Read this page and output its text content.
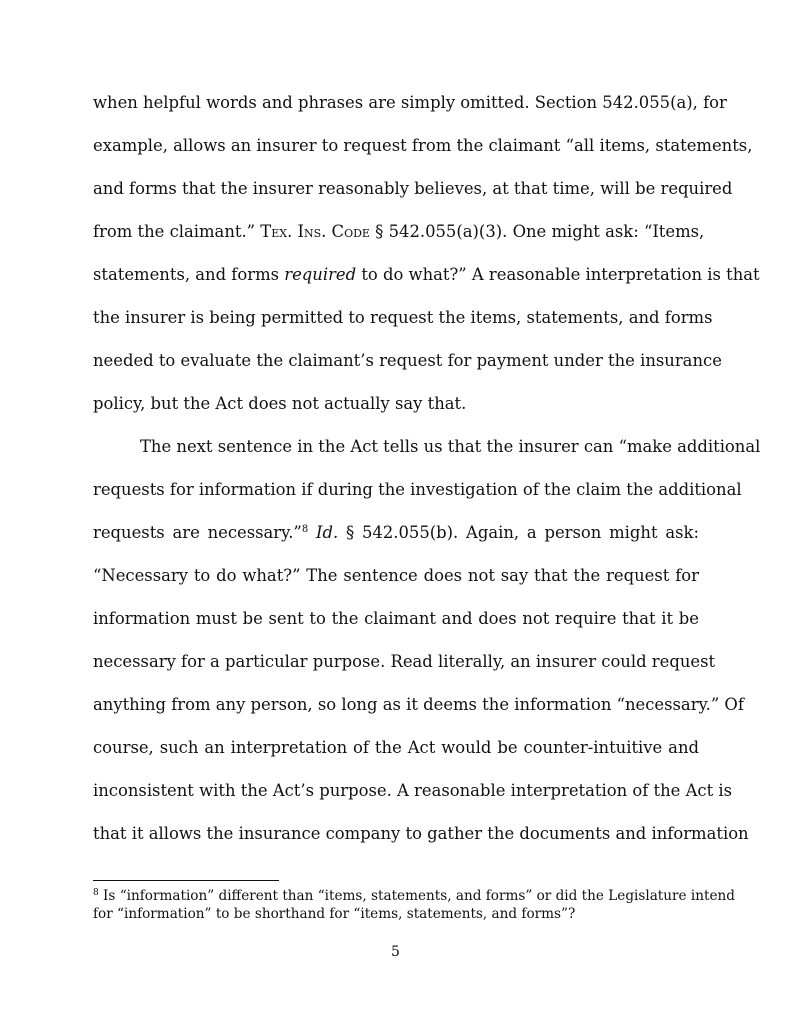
when helpful words and phrases are simply omitted. Section 542.055(a), for
example, allows an insurer to request from the claimant “all items, statements,
and forms that the insurer reasonably believes, at that time, will be required
from the claimant.” Tex. Ins. Code § 542.055(a)(3). One might ask: “Items,
statements, and forms required to do what?” A reasonable interpretation is that
the insurer is being permitted to request the items, statements, and forms
needed to evaluate the claimant’s request for payment under the insurance
policy, but the Act does not actually say that.
The next sentence in the Act tells us that the insurer can “make additional
requests for information if during the investigation of the claim the additional
requests are necessary.”$^8$ Id. § 542.055(b). Again, a person might ask:
“Necessary to do what?” The sentence does not say that the request for
information must be sent to the claimant and does not require that it be
necessary for a particular purpose. Read literally, an insurer could request
anything from any person, so long as it deems the information “necessary.” Of
course, such an interpretation of the Act would be counter-intuitive and
inconsistent with the Act’s purpose. A reasonable interpretation of the Act is
that it allows the insurance company to gather the documents and information
$^8$ Is “information” different than “items, statements, and forms” or did the Legislature intend
for “information” to be shorthand for “items, statements, and forms”?
5
